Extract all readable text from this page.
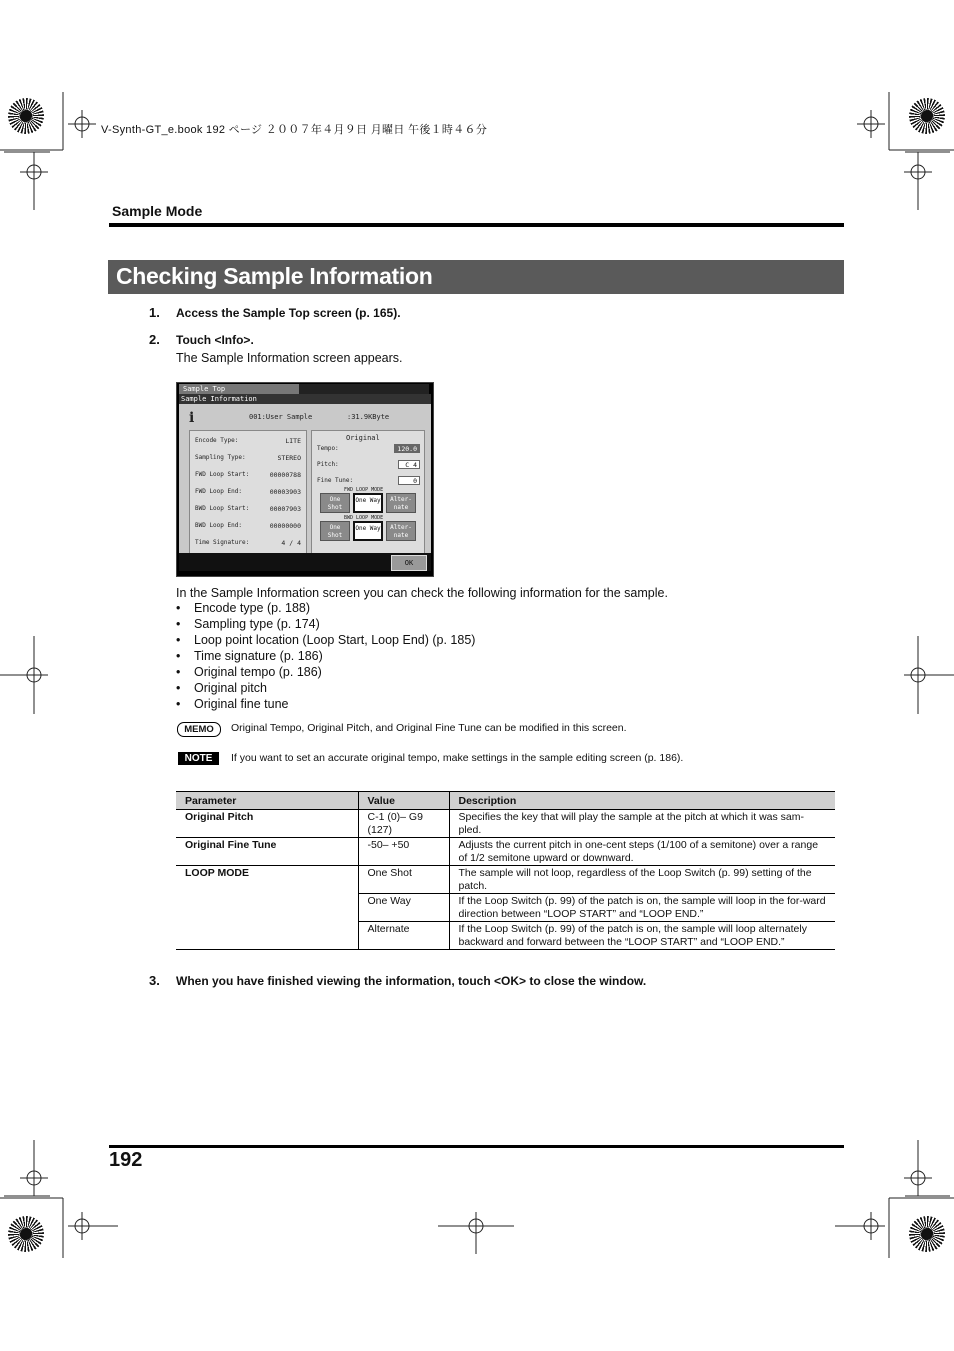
V-Synth-GT_e.book 192 ページ ２００７年４月９日 月曜日 午後１時４６分
Sample Mode
Checking Sample Information
1. Access the Sample Top screen (p. 165).
2. Touch <Info>.
The Sample Information screen appears.
Sample Top
Sample Information
i	001:User Sample	:31.9KByte
Encode Type:	LITE
Sampling Type:	STEREO
FWD Loop Start:	00000788
FWD Loop End:	00003903
BWD Loop Start:	00007903
BWD Loop End:	00000000
Time Signature:	4 / 4
Original
Tempo:	120.0
Pitch:	C 4
Fine Tune:	0
FWD LOOP MODE
One Shot
One Way	Alter-nate
BWD LOOP MODE
One Shot
One Way	Alter-nate
OK
In the Sample Information screen you can check the following information for the sample.
• Encode type (p. 188)
• Sampling type (p. 174)
• Loop point location (Loop Start, Loop End) (p. 185)
• Time signature (p. 186)
• Original tempo (p. 186)
• Original pitch
• Original fine tune
MEMO	Original Tempo, Original Pitch, and Original Fine Tune can be modified in this screen.
NOTE	If you want to set an accurate original tempo, make settings in the sample editing screen (p. 186).
Parameter	Value	Description
Original Pitch	C-1 (0)– G9 (127)	Specifies the key that will play the sample at the pitch at which it was sam-pled.
Original Fine Tune	-50– +50	Adjusts the current pitch in one-cent steps (1/100 of a semitone) over a range of 1/2 semitone upward or downward.
LOOP MODE	One Shot	The sample will not loop, regardless of the Loop Switch (p. 99) setting of the patch.
	One Way	If the Loop Switch (p. 99) of the patch is on, the sample will loop in the for-ward direction between “LOOP START” and “LOOP END.”
	Alternate	If the Loop Switch (p. 99) of the patch is on, the sample will loop alternately backward and forward between the “LOOP START” and “LOOP END.”
3. When you have finished viewing the information, touch <OK> to close the window.
192
